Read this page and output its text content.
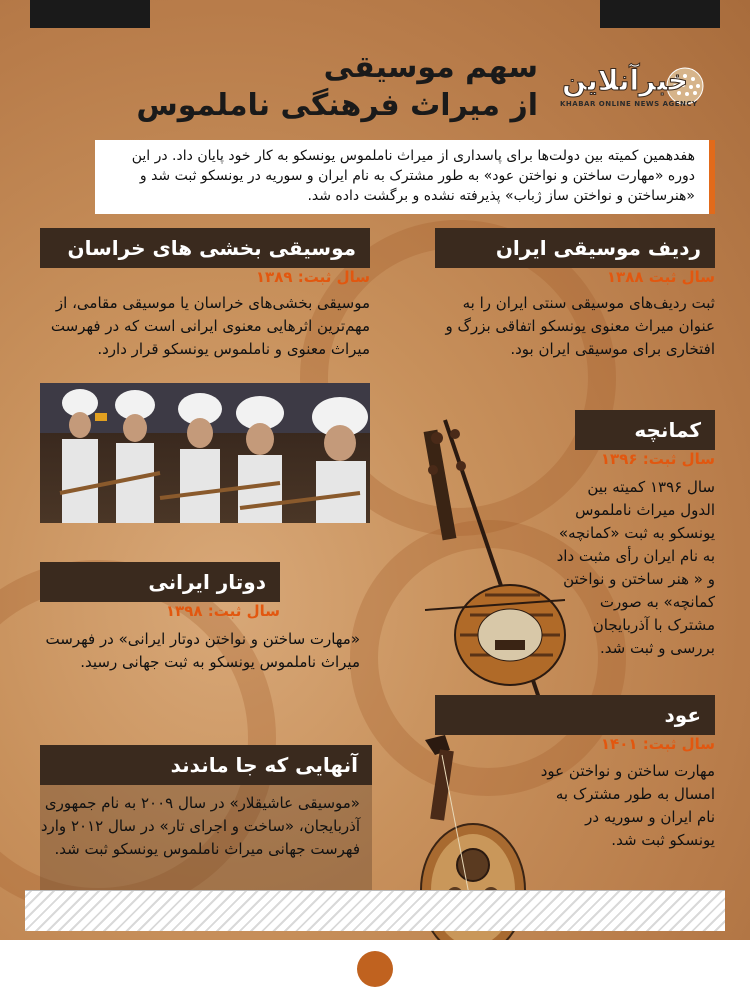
خبرآنلاین
KHABAR ONLINE NEWS AGENCY
سهم موسیقی
از میراث فرهنگی ناملموس
هفدهمین کمیته بین دولت‌ها برای پاسداری از میراث ناملموس یونسکو به کار خود پایان داد. در این دوره «مهارت ساختن و نواختن عود» به طور مشترک به نام ایران و سوریه در یونسکو ثبت شد و «هنرساختن و نواختن ساز ژباب» پذیرفته نشده و برگشت داده شد.
ردیف موسیقی ایران
سال ثبت ۱۳۸۸
ثبت ردیف‌های موسیقی سنتی ایران را به عنوان میراث معنوی یونسکو اتفاقی بزرگ و افتخاری برای موسیقی ایران بود.
موسیقی بخشی های خراسان
سال ثبت: ۱۳۸۹
موسیقی بخشی‌های خراسان یا موسیقی مقامی، از مهم‌ترین اثرهایی معنوی ایرانی است که در فهرست میراث معنوی و ناملموس یونسکو قرار دارد.
کمانچه
سال ثبت: ۱۳۹۶
سال ۱۳۹۶ کمیته بین الدول میراث ناملموس یونسکو به ثبت «کمانچه» به نام ایران رأی مثبت داد و « هنر ساختن و نواختن کمانچه» به صورت مشترک با آذربایجان بررسی و ثبت شد.
دوتار ایرانی
سال ثبت: ۱۳۹۸
«مهارت ساختن و نواختن دوتار ایرانی» در فهرست میراث ناملموس یونسکو به ثبت جهانی رسید.
عود
سال ثبت: ۱۴۰۱
مهارت ساختن و نواختن عود امسال به طور مشترک به نام ایران و سوریه در یونسکو ثبت شد.
آنهایی که جا ماندند
«موسیقی عاشیقلار» در سال ۲۰۰۹ به نام جمهوری آذربایجان، «ساخت و اجرای تار» در سال ۲۰۱۲ وارد فهرست جهانی میراث ناملموس یونسکو ثبت شد.
